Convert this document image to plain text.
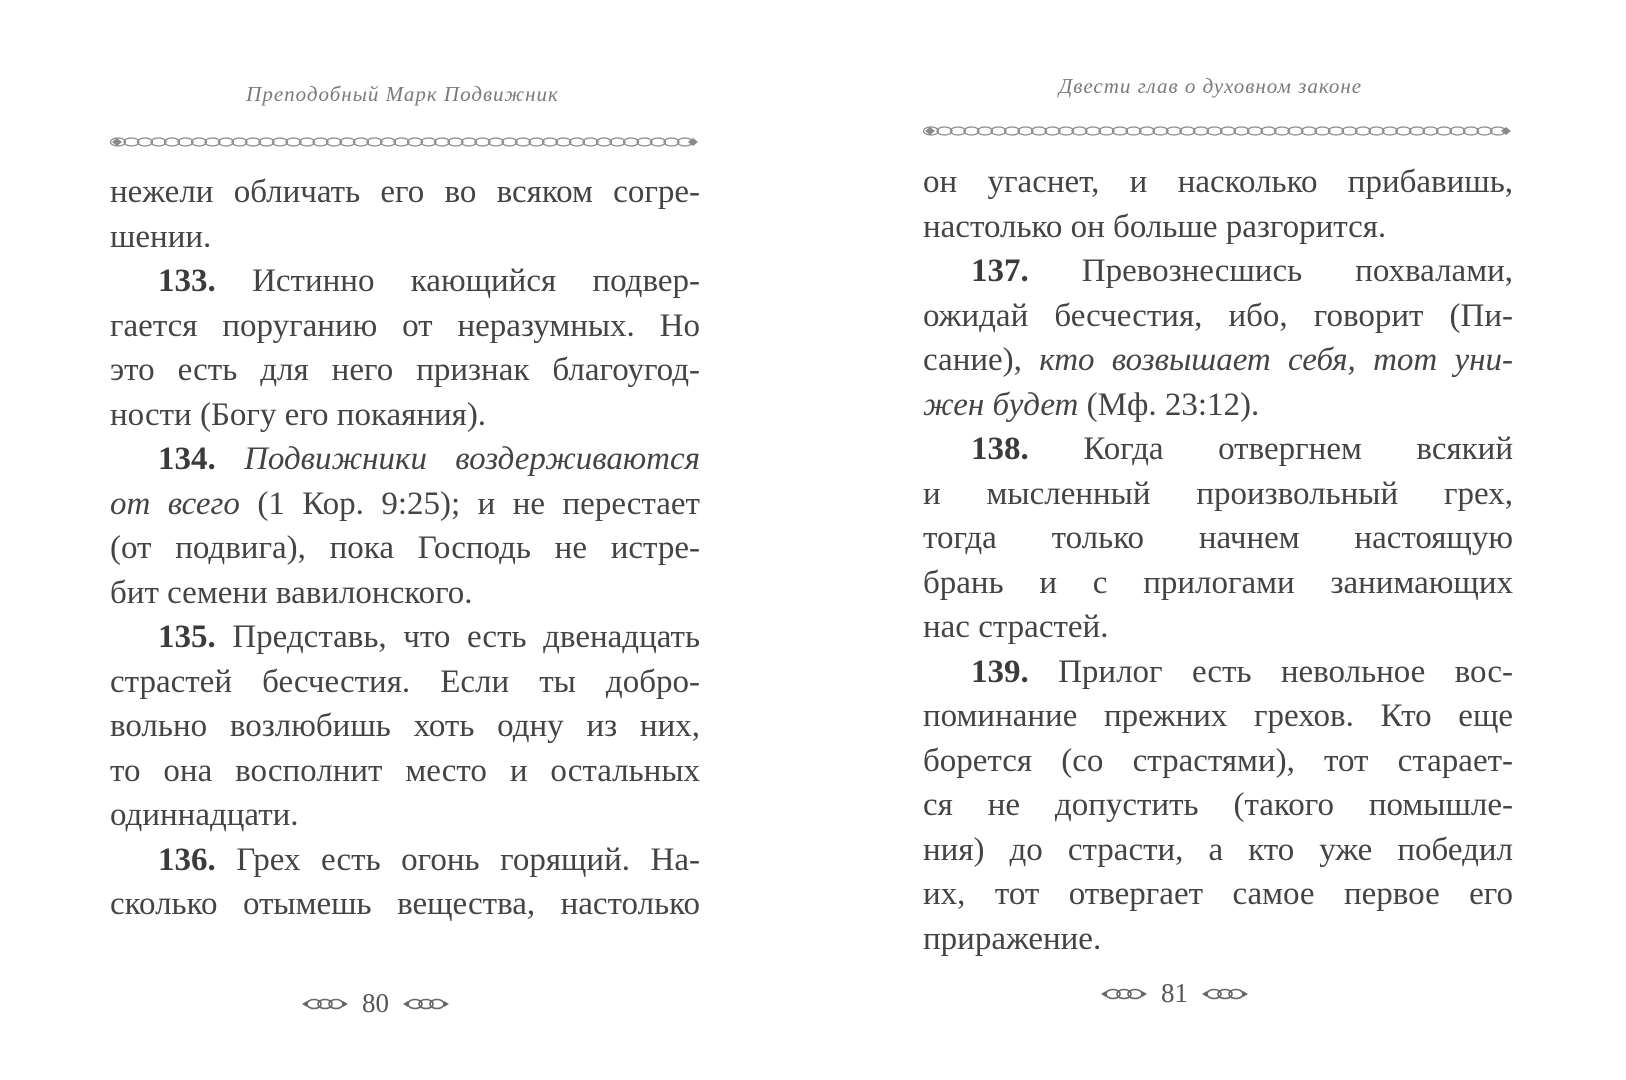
Преподобный Марк Подвижник
нежели обличать его во всяком согре-
шении.
133. Истинно кающийся подвер-
гается поруганию от неразумных. Но
это есть для него признак благоугод-
ности (Богу его покаяния).
134. Подвижники воздерживаются
от всего (1 Кор. 9:25); и не перестает
(от подвига), пока Господь не истре-
бит семени вавилонского.
135. Представь, что есть двенадцать
страстей бесчестия. Если ты добро-
вольно возлюбишь хоть одну из них,
то она восполнит место и остальных
одиннадцати.
136. Грех есть огонь горящий. На-
сколько отымешь вещества, настолько
80
Двести глав о духовном законе
он угаснет, и насколько прибавишь,
настолько он больше разгорится.
137. Превознесшись похвалами,
ожидай бесчестия, ибо, говорит (Пи-
сание), кто возвышает себя, тот уни-
жен будет (Мф. 23:12).
138. Когда отвергнем всякий
и мысленный произвольный грех,
тогда только начнем настоящую
брань и с прилогами занимающих
нас страстей.
139. Прилог есть невольное вос-
поминание прежних грехов. Кто еще
борется (со страстями), тот старает-
ся не допустить (такого помышле-
ния) до страсти, а кто уже победил
их, тот отвергает самое первое его
приражение.
81
